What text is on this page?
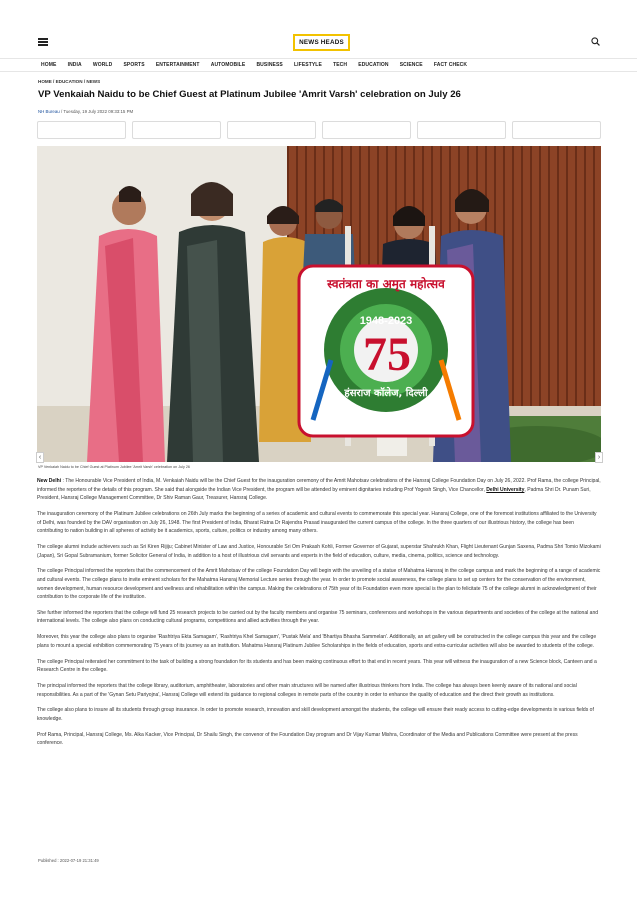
NEWS HEADS
HOME INDIA WORLD SPORTS ENTERTAINMENT AUTOMOBILE BUSINESS LIFESTYLE TECH EDUCATION SCIENCE FACT CHECK
HOME / EDUCATION / NEWS
VP Venkaiah Naidu to be Chief Guest at Platinum Jubilee 'Amrit Varsh' celebration on July 26
NH Bureau / Tuesday, 19 July 2022 09:33:15 PM
स्वतंत्रता का अमृत महोत्सव
1948-2023
75
हंसराज कॉलेज, दिल्ली
‹	›
VP Venkaiah Naidu to be Chief Guest at Platinum Jubilee 'Amrit Varsh' celebration on July 26

New Delhi : The Honourable Vice President of India, M. Venkaiah Naidu will be the Chief Guest for the inauguration ceremony of the Amrit Mahotsav celebrations of the Hansraj College Foundation Day on July 26, 2022. Prof Rama, the college Principal, informed the reporters of the details of this program. She said that alongside the Indian Vice President, the program will be attended by eminent dignitaries including Prof Yogesh Singh, Vice Chancellor, Delhi University, Padma Shri Dr. Punam Suri, President, Hansraj College Management Committee, Dr Shiv Raman Gaur, Treasurer, Hansraj College.

The inauguration ceremony of the Platinum Jubilee celebrations on 26th July marks the beginning of a series of academic and cultural events to commemorate this special year. Hansraj College, one of the foremost institutions affiliated to the University of Delhi, was founded by the DAV organisation on July 26, 1948. The first President of India, Bharat Ratna Dr Rajendra Prasad inaugurated the current campus of the college. In the three quarters of our illustrious history, the college has been contributing to nation building in all spheres of activity be it academics, sports, culture, politics or industry among many others.

The college alumni include achievers such as Sri Kiren Rijiju; Cabinet Minister of Law and Justice, Honourable Sri Om Prakash Kohli, Former Governor of Gujarat, superstar Shahrukh Khan, Flight Lieutenant Gunjan Saxena, Padma Shri Tomio Mizokami (Japan), Sri Gopal Subramanium, former Solicitor General of India, in addition to a host of illustrious civil servants and experts in the field of education, culture, media, cinema, politics, science and technology.

The college Principal informed the reporters that the commencement of the Amrit Mahotsav of the college Foundation Day will begin with the unveiling of a statue of Mahatma Hansraj in the college campus and mark the beginning of a range of academic and cultural events. The college plans to invite eminent scholars for the Mahatma Hansraj Memorial Lecture series through the year. In order to promote social awareness, the college plans to set up centers for the conservation of the environment, women development, human resource development and wellness and rehabilitation within the campus. Making the celebrations of 75th year of its Foundation even more special is the plan to felicitate 75 of the college alumni in acknowledgment of their contribution to the corporate life of the institution.

She further informed the reporters that the college will fund 25 research projects to be carried out by the faculty members and organise 75 seminars, conferences and workshops in the various departments and societies of the college at the national and international levels. The college also plans on conducting cultural programs, competitions and allied activities through the year.

Moreover, this year the college also plans to organise 'Rashtriya Ekta Samagam', 'Rashtriya Khel Samagam', 'Pustak Mela' and 'Bhartiya Bhasha Sammelan'. Additionally, an art gallery will be constructed in the college campus this year and the college plans to mount a special exhibition commemorating 75 years of its journey as an institution. Mahatma Hansraj Platinum Jubilee Scholarships in the fields of education, sports and extra-curricular activities will also be awarded to students of the college.

The college Principal reiterated her commitment to the task of building a strong foundation for its students and has been making continuous effort to that end in recent years. This year will witness the inauguration of a new Science block, Canteen and a Research Centre in the college.

The principal informed the reporters that the college library, auditorium, amphitheater, laboratories and other main structures will be named after illustrious thinkers from India. The college has always been keenly aware of its national and social responsibilities. As a part of the 'Gynan Setu Pariyojna', Hansraj College will extend its guidance to regional colleges in remote parts of the country in order to enhance the quality of education and the direct their growth as institutions.

The college also plans to insure all its students through group insurance. In order to promote research, innovation and skill development amongst the students, the college will ensure their ready access to cutting-edge developments in various fields of knowledge.

Prof Rama, Principal, Hansraj College, Ms. Alka Kacker, Vice Principal, Dr Shailu Singh, the convenor of the Foundation Day program and Dr Vijay Kumar Mishra, Coordinator of the Media and Publications Committee were present at the press conference.

Published : 2022-07-19 21:31:49
